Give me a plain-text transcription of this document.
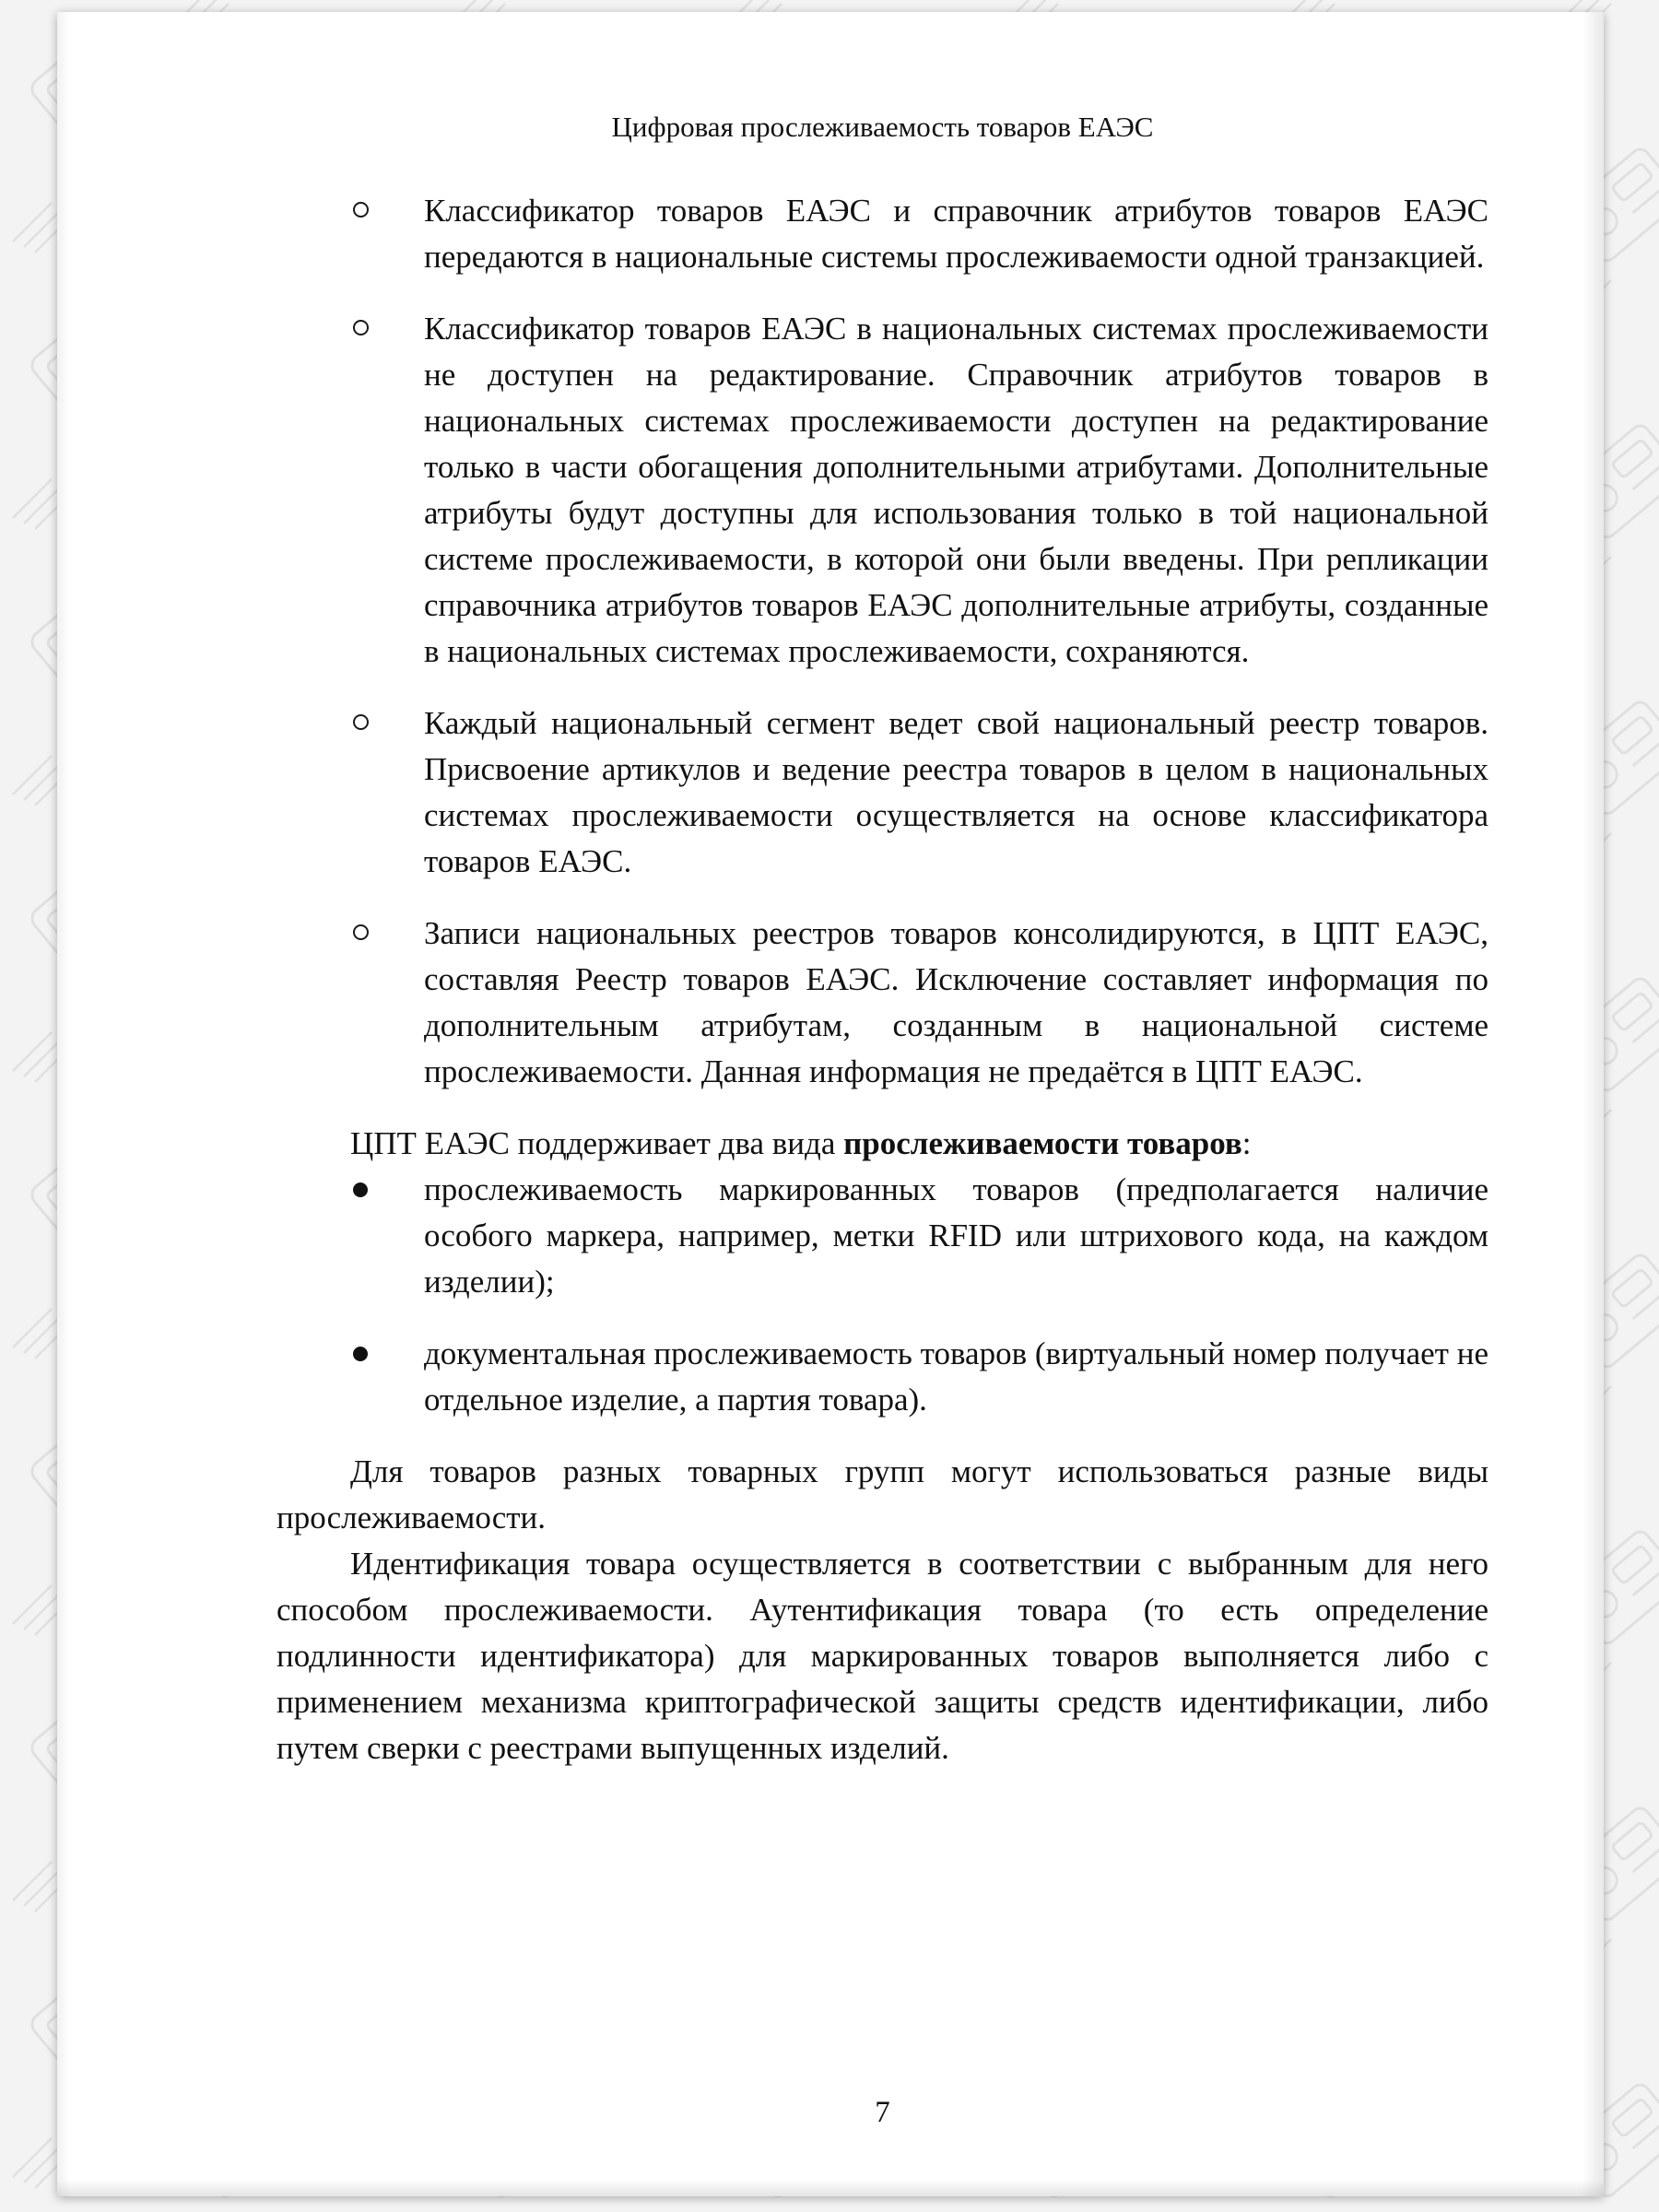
Цифровая прослеживаемость товаров ЕАЭС

Классификатор товаров ЕАЭС и справочник атрибутов товаров ЕАЭС передаются в национальные системы прослеживаемости одной транзакцией.

Классификатор товаров ЕАЭС в национальных системах прослеживаемости не доступен на редактирование. Справочник атрибутов товаров в национальных системах прослеживаемости доступен на редактирование только в части обогащения дополнительными атрибутами. Дополнительные атрибуты будут доступны для использования только в той национальной системе прослеживаемости, в которой они были введены. При репликации справочника атрибутов товаров ЕАЭС дополнительные атрибуты, созданные в национальных системах прослеживаемости, сохраняются.

Каждый национальный сегмент ведет свой национальный реестр товаров. Присвоение артикулов и ведение реестра товаров в целом в национальных системах прослеживаемости осуществляется на основе классификатора товаров ЕАЭС.

Записи национальных реестров товаров консолидируются, в ЦПТ ЕАЭС, составляя Реестр товаров ЕАЭС. Исключение составляет информация по дополнительным атрибутам, созданным в национальной системе прослеживаемости. Данная информация не предаётся в ЦПТ ЕАЭС.

ЦПТ ЕАЭС поддерживает два вида прослеживаемости товаров:

прослеживаемость маркированных товаров (предполагается наличие особого маркера, например, метки RFID или штрихового кода, на каждом изделии);

документальная прослеживаемость товаров (виртуальный номер получает не отдельное изделие, а партия товара).

Для товаров разных товарных групп могут использоваться разные виды прослеживаемости.

Идентификация товара осуществляется в соответствии с выбранным для него способом прослеживаемости. Аутентификация товара (то есть определение подлинности идентификатора) для маркированных товаров выполняется либо с применением механизма криптографической защиты средств идентификации, либо путем сверки с реестрами выпущенных изделий.

7
